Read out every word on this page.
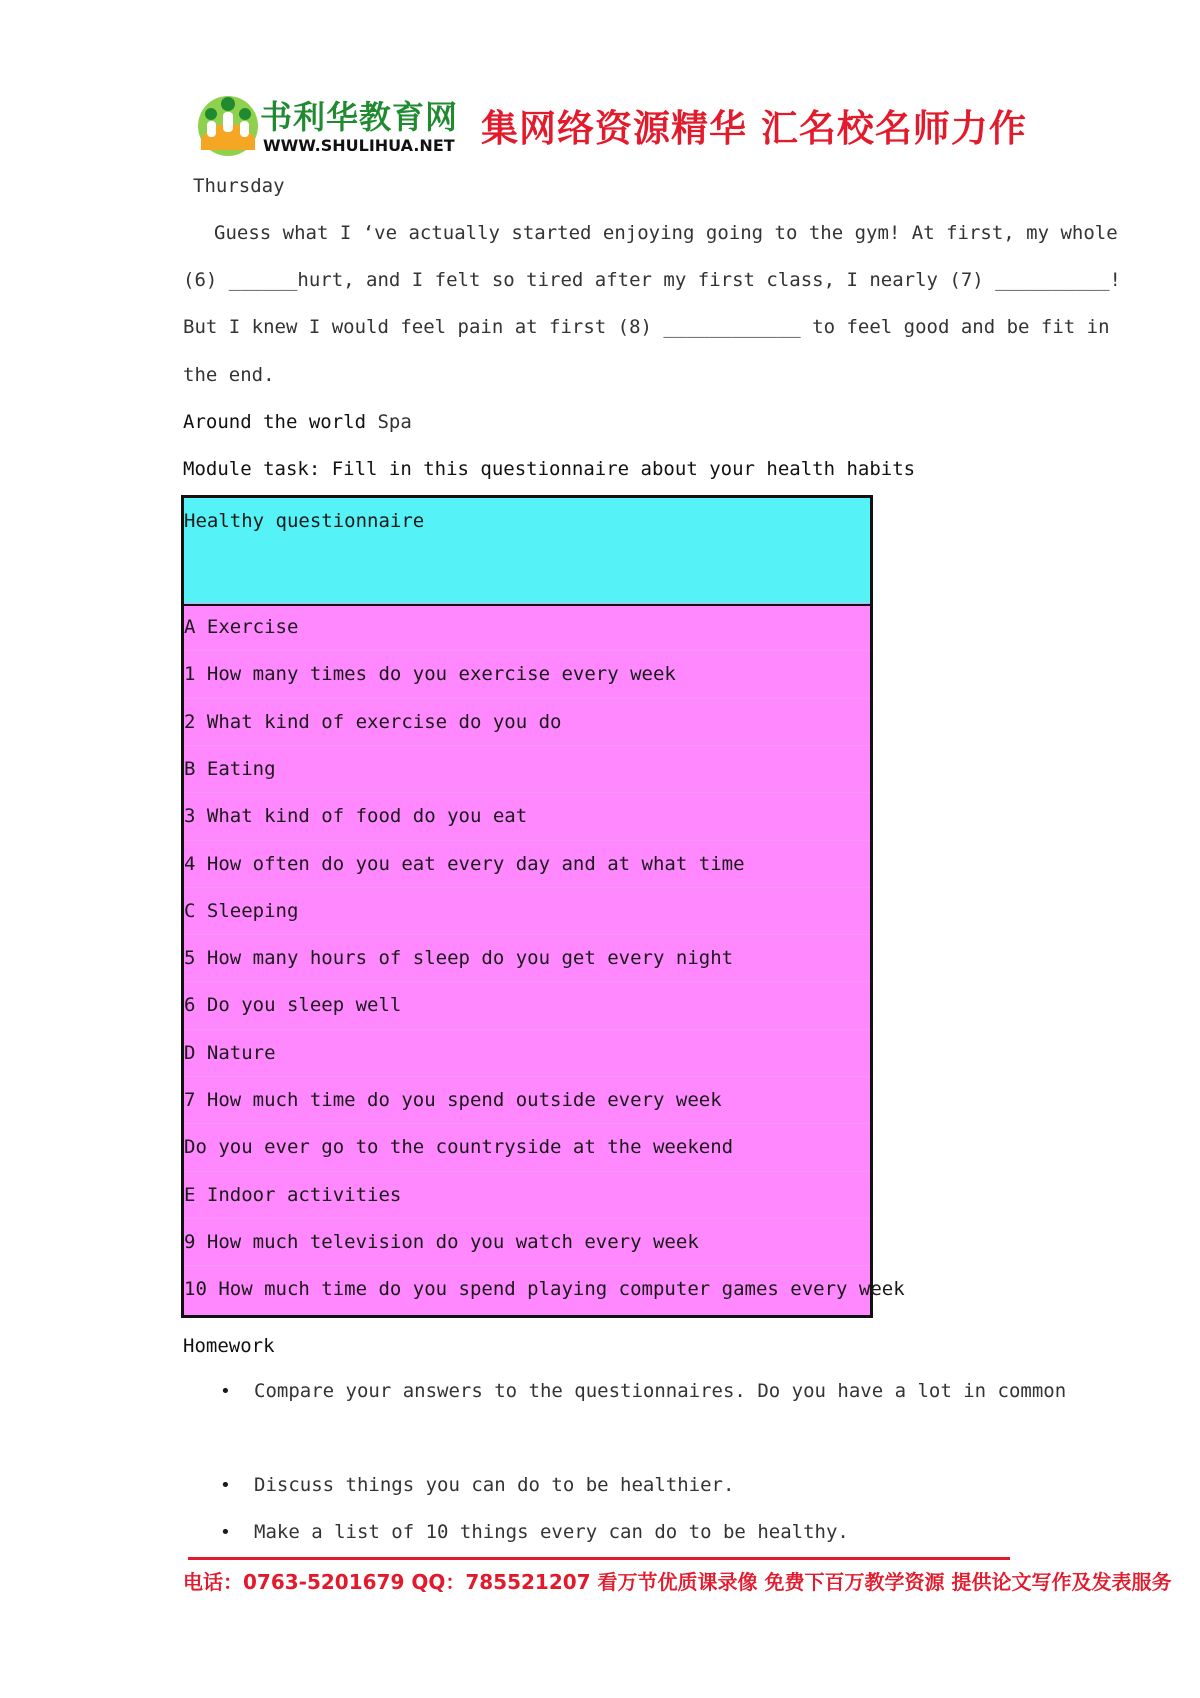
书利华教育网
WWW.SHULIHUA.NET 集网络资源精华 汇名校名师力作
Thursday
Guess what I ‘ve actually started enjoying going to the gym! At first, my whole
(6) ______hurt, and I felt so tired after my first class, I nearly (7) __________!
But I knew I would feel pain at first (8) ____________ to feel good and be fit in
the end.
Around the world Spa
Module task: Fill in this questionnaire about your health habits
Healthy questionnaire
A Exercise
1 How many times do you exercise every week
2 What kind of exercise do you do
B Eating
3 What kind of food do you eat
4 How often do you eat every day and at what time
C Sleeping
5 How many hours of sleep do you get every night
6 Do you sleep well
D Nature
7 How much time do you spend outside every week
Do you ever go to the countryside at the weekend
E Indoor activities
9 How much television do you watch every week
10 How much time do you spend playing computer games every week
Homework
• Compare your answers to the questionnaires. Do you have a lot in common
• Discuss things you can do to be healthier.
• Make a list of 10 things every can do to be healthy.
电话：0763-5201679 QQ：785521207 看万节优质课录像 免费下百万教学资源 提供论文写作及发表服务
